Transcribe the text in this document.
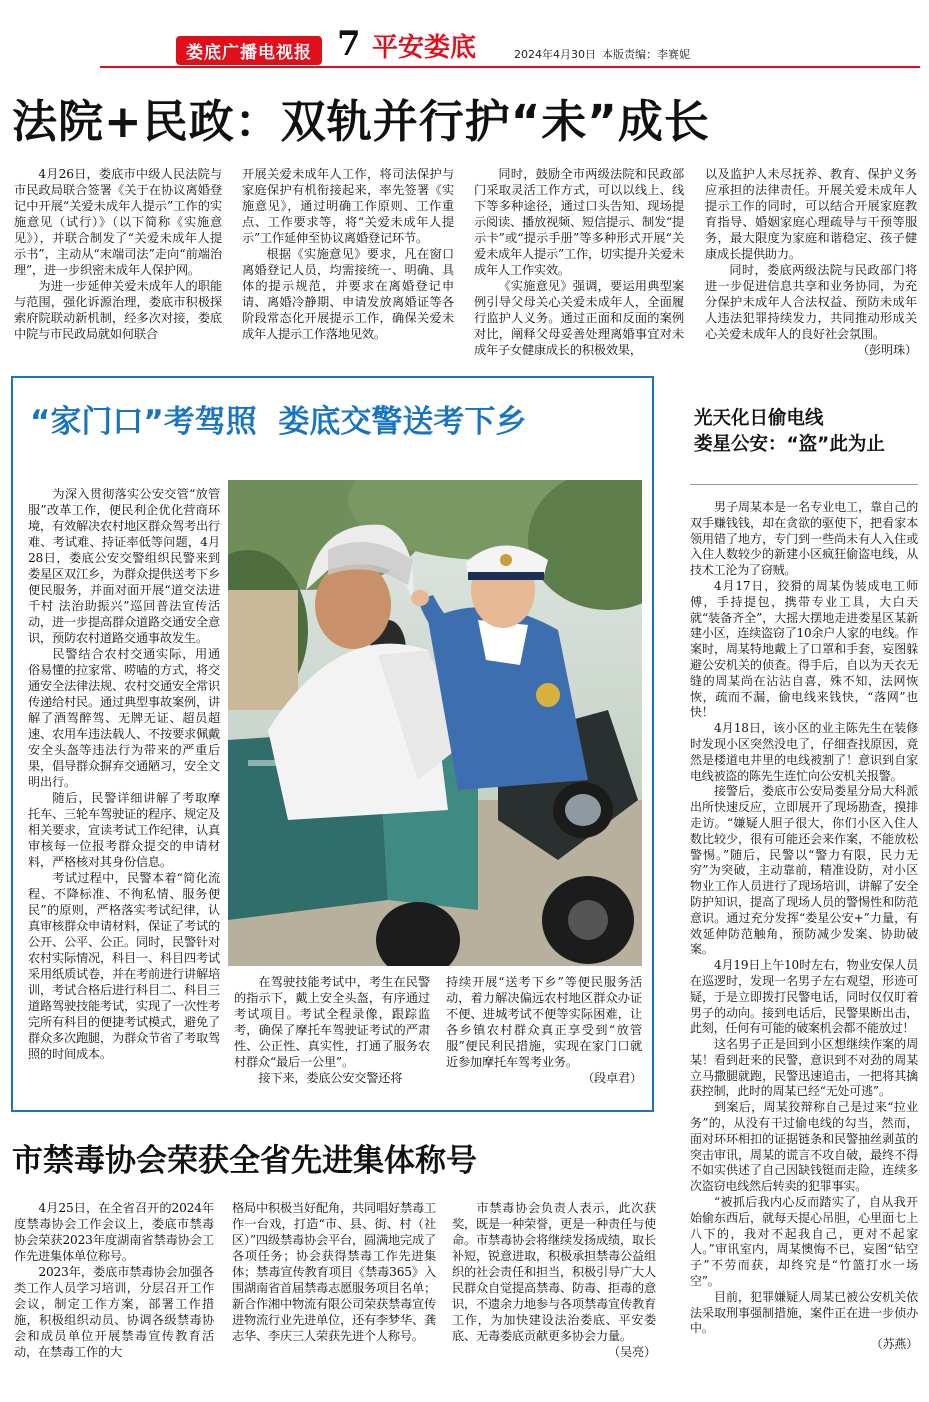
娄底广播电视报 7 平安娄底	2024年4月30日 本版责编：李赛妮
法院+民政：双轨并行护“未”成长

4月26日，娄底市中级人民法院与市民政局联合签署《关于在协议离婚登记中开展“关爱未成年人提示”工作的实施意见（试行）》（以下简称《实施意见》），并联合制发了“关爱未成年人提示书”，主动从“末端司法”走向“前端治理”，进一步织密未成年人保护网。

为进一步延伸关爱未成年人的职能与范围，强化诉源治理，娄底市积极探索府院联动新机制，经多次对接，娄底中院与市民政局就如何联合

开展关爱未成年人工作，将司法保护与家庭保护有机衔接起来，率先签署《实施意见》，通过明确工作原则、工作重点、工作要求等，将“关爱未成年人提示”工作延伸至协议离婚登记环节。

根据《实施意见》要求，凡在窗口离婚登记人员，均需接统一、明确、具体的提示规范，并要求在离婚登记申请、离婚冷静期、申请发放离婚证等各阶段常态化开展提示工作，确保关爱未成年人提示工作落地见效。

同时，鼓励全市两级法院和民政部门采取灵活工作方式，可以以线上、线下等多种途径，通过口头告知、现场提示阅读、播放视频、短信提示、制发“提示卡”或“提示手册”等多种形式开展“关爱未成年人提示”工作，切实提升关爱未成年人工作实效。

《实施意见》强调，要运用典型案例引导父母关心关爱未成年人，全面履行监护人义务。通过正面和反面的案例对比，阐释父母妥善处理离婚事宜对未成年子女健康成长的积极效果，

以及监护人未尽抚养、教育、保护义务应承担的法律责任。开展关爱未成年人提示工作的同时，可以结合开展家庭教育指导、婚姻家庭心理疏导与干预等服务，最大限度为家庭和谐稳定、孩子健康成长提供助力。

同时，娄底两级法院与民政部门将进一步促进信息共享和业务协同，为充分保护未成年人合法权益、预防未成年人违法犯罪持续发力，共同推动形成关心关爱未成年人的良好社会氛围。

（彭明珠）
“家门口”考驾照  娄底交警送考下乡

为深入贯彻落实公安交管“放管服”改革工作，便民利企优化营商环境，有效解决农村地区群众驾考出行难、考试难、持证率低等问题，4月28日，娄底公安交警组织民警来到娄星区双江乡，为群众提供送考下乡便民服务，并面对面开展“道交法进千村 法治助振兴”巡回普法宣传活动，进一步提高群众道路交通安全意识，预防农村道路交通事故发生。

民警结合农村交通实际，用通俗易懂的拉家常、唠嗑的方式，将交通安全法律法规、农村交通安全常识传递给村民。通过典型事故案例，讲解了酒驾醉驾、无牌无证、超员超速、农用车违法载人、不按要求佩戴安全头盔等违法行为带来的严重后果，倡导群众摒弃交通陋习，安全文明出行。

随后，民警详细讲解了考取摩托车、三轮车驾驶证的程序、规定及相关要求，宣读考试工作纪律，认真审核每一位报考群众提交的申请材料，严格核对其身份信息。

考试过程中，民警本着“简化流程、不降标准、不徇私情、服务便民”的原则，严格落实考试纪律，认真审核群众申请材料，保证了考试的公开、公平、公正。同时，民警针对农村实际情况，科目一、科目四考试采用纸质试卷，并在考前进行讲解培训，考试合格后进行科目二、科目三道路驾驶技能考试，实现了一次性考完所有科目的便捷考试模式，避免了群众多次跑腿，为群众节省了考取驾照的时间成本。

在驾驶技能考试中，考生在民警的指示下，戴上安全头盔，有序通过考试项目。考试全程录像，跟踪监考，确保了摩托车驾驶证考试的严肃性、公正性、真实性，打通了服务农村群众“最后一公里”。

接下来，娄底公安交警还将

持续开展“送考下乡”等便民服务活动，着力解决偏远农村地区群众办证不便、进城考试不便等实际困难，让各乡镇农村群众真正享受到“放管服”便民利民措施，实现在家门口就近参加摩托车驾考业务。

（段卓君）
光天化日偷电线
娄星公安：“盗”此为止

男子周某本是一名专业电工，靠自己的双手赚钱钱，却在贪欲的驱使下，把看家本领用错了地方，专门到一些尚未有人入住或入住人数较少的新建小区疯狂偷盗电线，从技术工沦为了窃贼。

4月17日，狡猾的周某伪装成电工师傅，手持提包，携带专业工具，大白天就“装备齐全”，大摇大摆地走进娄星区某新建小区，连续盗窃了10余户人家的电线。作案时，周某特地戴上了口罩和手套，妄图躲避公安机关的侦查。得手后，自以为天衣无缝的周某尚在沾沾自喜，殊不知，法网恢恢，疏而不漏，偷电线来钱快，“落网”也快！

4月18日，该小区的业主陈先生在装修时发现小区突然没电了，仔细查找原因，竟然是楼道电井里的电线被割了！意识到自家电线被盗的陈先生连忙向公安机关报警。

接警后，娄底市公安局娄星分局大科派出所快速反应，立即展开了现场勘查，摸排走访。“嫌疑人胆子很大，你们小区入住人数比较少，很有可能还会来作案，不能放松警惕。”随后，民警以“警力有限，民力无穷”为突破，主动靠前，精准设防，对小区物业工作人员进行了现场培训，讲解了安全防护知识，提高了现场人员的警惕性和防范意识。通过充分发挥“娄星公安+”力量，有效延伸防范触角，预防减少发案、协助破案。

4月19日上午10时左右，物业安保人员在巡逻时，发现一名男子左右观望，形迹可疑，于是立即拨打民警电话，同时仅仅盯着男子的动向。接到电话后，民警果断出击，此刻，任何有可能的破案机会都不能放过！

这名男子正是回到小区想继续作案的周某！看到赶来的民警，意识到不对劲的周某立马撒腿就跑，民警迅速追击，一把将其擒获控制，此时的周某已经“无处可逃”。

到案后，周某狡辩称自己是过来“拉业务”的，从没有干过偷电线的勾当，然而，面对环环相扣的证据链条和民警抽丝剥茧的突击审讯，周某的谎言不攻自破，最终不得不如实供述了自己因缺钱铤而走险，连续多次盗窃电线然后转卖的犯罪事实。

“被抓后我内心反而踏实了，自从我开始偷东西后，就每天提心吊胆，心里面七上八下的，我对不起我自己，更对不起家人。”审讯室内，周某懊悔不已，妄图“钻空子”不劳而获，却终究是“竹篮打水一场空”。

目前，犯罪嫌疑人周某已被公安机关依法采取刑事强制措施，案件正在进一步侦办中。

（苏燕）
市禁毒协会荣获全省先进集体称号

4月25日，在全省召开的2024年度禁毒协会工作会议上，娄底市禁毒协会荣获2023年度湖南省禁毒协会工作先进集体单位称号。

2023年，娄底市禁毒协会加强各类工作人员学习培训，分层召开工作会议，制定工作方案，部署工作措施，积极组织动员、协调各级禁毒协会和成员单位开展禁毒宣传教育活动，在禁毒工作的大

格局中积极当好配角，共同唱好禁毒工作一台戏，打造“市、县、街、村（社区）”四级禁毒协会平台，圆满地完成了各项任务；协会获得禁毒工作先进集体；禁毒宣传教育项目《禁毒365》入围湖南省首届禁毒志愿服务项目名单；新合作湘中物流有限公司荣获禁毒宣传进物流行业先进单位，还有李梦华、龚志华、李庆三人荣获先进个人称号。

市禁毒协会负责人表示，此次获奖，既是一种荣誉，更是一种责任与使命。市禁毒协会将继续发扬成绩，取长补短，锐意进取，积极承担禁毒公益组织的社会责任和担当，积极引导广大人民群众自觉提高禁毒、防毒、拒毒的意识，不遗余力地参与各项禁毒宣传教育工作，为加快建设法治娄底、平安娄底、无毒娄底贡献更多协会力量。

（吴亮）
